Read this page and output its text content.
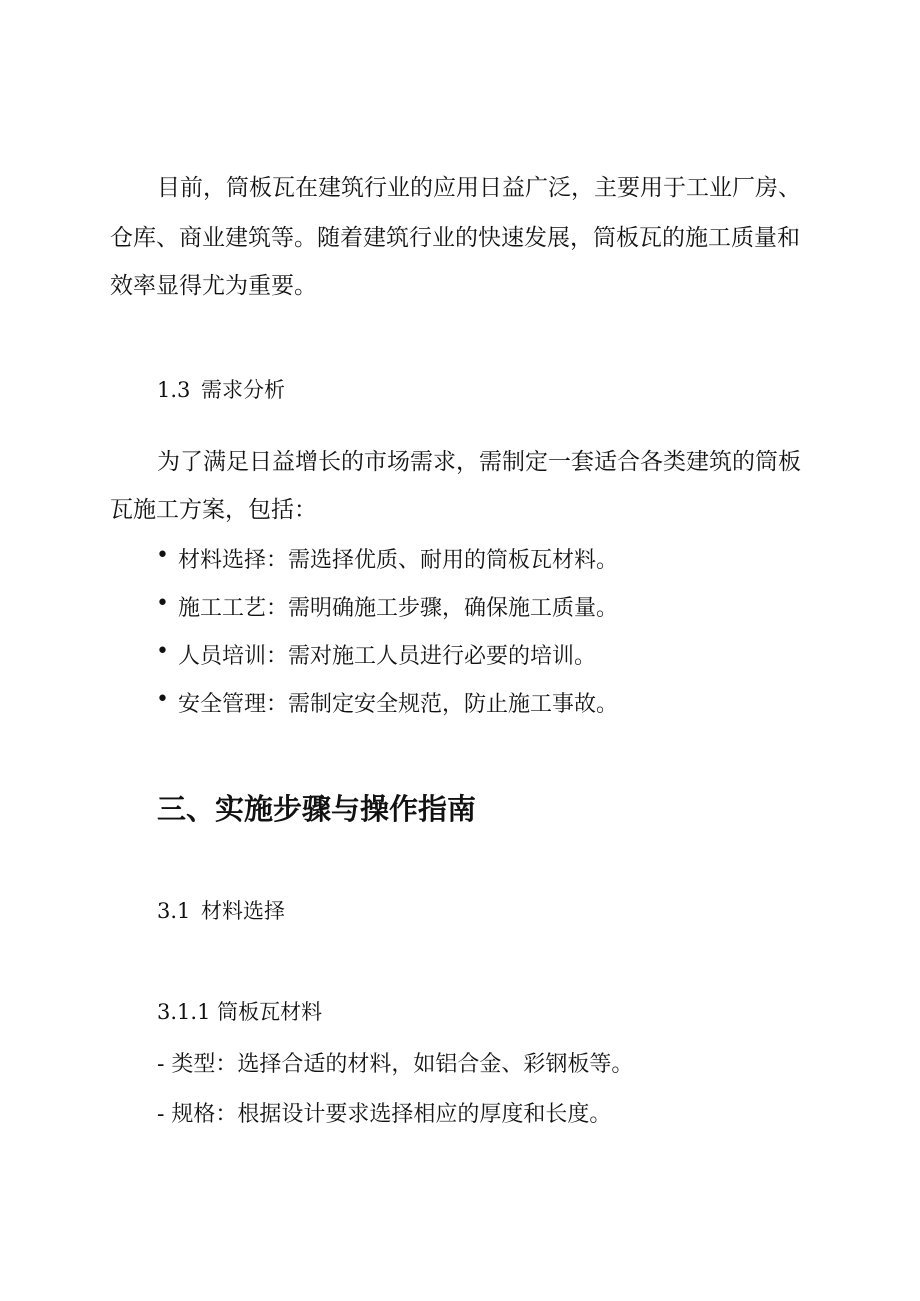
目前，筒板瓦在建筑行业的应用日益广泛，主要用于工业厂房、
仓库、商业建筑等。随着建筑行业的快速发展，筒板瓦的施工质量和
效率显得尤为重要。
1.3 需求分析
为了满足日益增长的市场需求，需制定一套适合各类建筑的筒板
瓦施工方案，包括：
• 材料选择：需选择优质、耐用的筒板瓦材料。
• 施工工艺：需明确施工步骤，确保施工质量。
• 人员培训：需对施工人员进行必要的培训。
• 安全管理：需制定安全规范，防止施工事故。
三、实施步骤与操作指南
3.1 材料选择
3.1.1 筒板瓦材料
- 类型：选择合适的材料，如铝合金、彩钢板等。
- 规格：根据设计要求选择相应的厚度和长度。
